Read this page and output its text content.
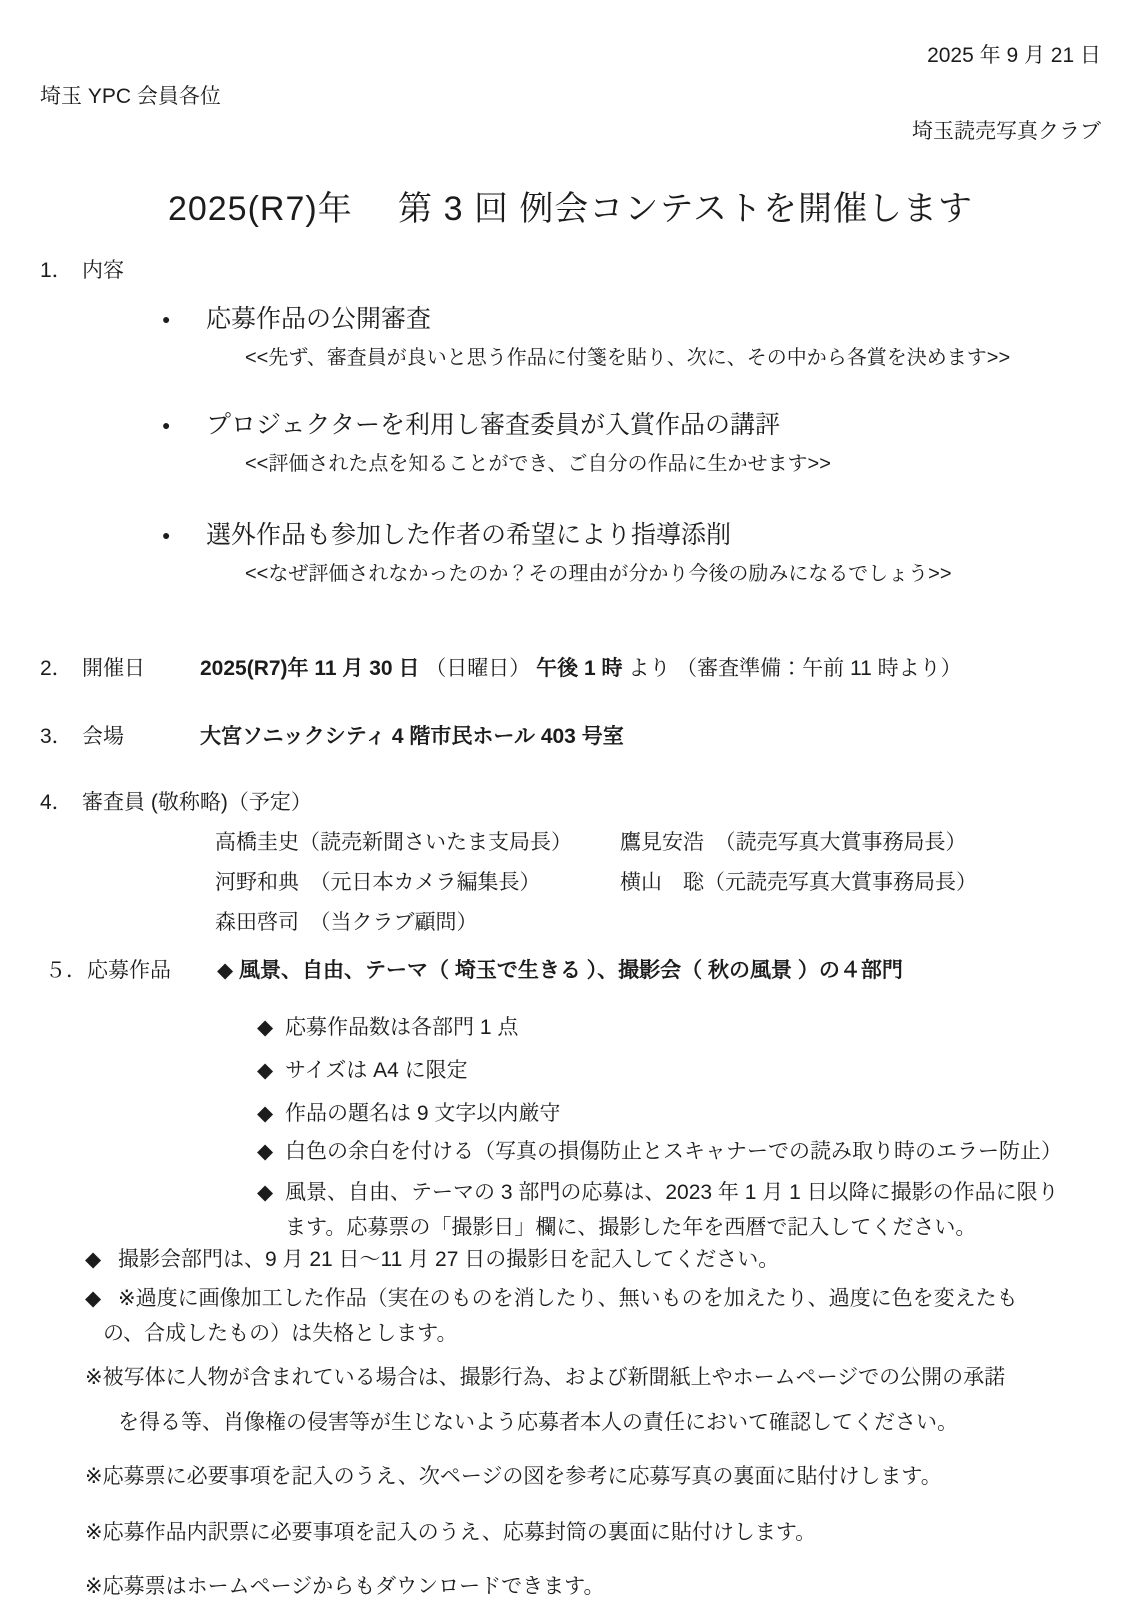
2025 年 9 月 21 日
埼玉 YPC 会員各位
埼玉読売写真クラブ
2025(R7)年　 第 3 回 例会コンテストを開催します
1． 内容
●	応募作品の公開審査
<<先ず、審査員が良いと思う作品に付箋を貼り、次に、その中から各賞を決めます>>
●	プロジェクターを利用し審査委員が入賞作品の講評
<<評価された点を知ることができ、ご自分の作品に生かせます>>
●	選外作品も参加した作者の希望により指導添削
<<なぜ評価されなかったのか？その理由が分かり今後の励みになるでしょう>>
2． 開催日	2025(R7)年 11 月 30 日 （日曜日） 午後 1 時 より （審査準備：午前 11 時より）
3． 会場	大宮ソニックシティ 4 階市民ホール 403 号室
4． 審査員 (敬称略)（予定）
高橋圭史（読売新聞さいたま支局長）	鷹見安浩　（読売写真大賞事務局長）
河野和典　（元日本カメラ編集長）	横山　聡（元読売写真大賞事務局長）
森田啓司　（当クラブ顧問）
５． 応募作品	◆ 風景、自由、テーマ（ 埼玉で生きる ）、撮影会（ 秋の風景 ）の４部門
◆ 応募作品数は各部門 1 点
◆ サイズは A4 に限定
◆ 作品の題名は 9 文字以内厳守
◆ 白色の余白を付ける（写真の損傷防止とスキャナーでの読み取り時のエラー防止）
◆ 風景、自由、テーマの 3 部門の応募は、2023 年 1 月 1 日以降に撮影の作品に限り
ます。応募票の「撮影日」欄に、撮影した年を西暦で記入してください。
◆ 撮影会部門は、9 月 21 日～11 月 27 日の撮影日を記入してください。
◆ ※過度に画像加工した作品（実在のものを消したり、無いものを加えたり、過度に色を変えたも
の、合成したもの）は失格とします。
※被写体に人物が含まれている場合は、撮影行為、および新聞紙上やホームページでの公開の承諾
を得る等、肖像権の侵害等が生じないよう応募者本人の責任において確認してください。
※応募票に必要事項を記入のうえ、次ページの図を参考に応募写真の裏面に貼付けします。
※応募作品内訳票に必要事項を記入のうえ、応募封筒の裏面に貼付けします。
※応募票はホームページからもダウンロードできます。
